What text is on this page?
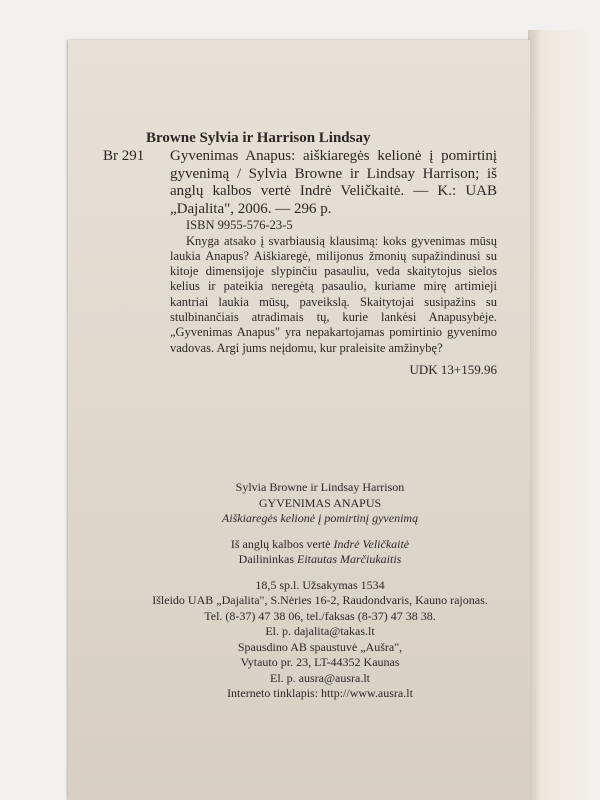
Browne Sylvia ir Harrison Lindsay
Br 291	Gyvenimas Anapus: aiškiaregės kelionė į pomirtinį gyvenimą / Sylvia Browne ir Lindsay Harrison; iš anglų kalbos vertė Indrė Veličkaitė. — K.: UAB „Dajalita", 2006. — 296 p.
ISBN 9955-576-23-5
Knyga atsako į svarbiausią klausimą: koks gyvenimas mūsų laukia Anapus? Aiškiaregė, milijonus žmonių supažindinusi su kitoje dimensijoje slypinčiu pasauliu, veda skaitytojus sielos kelius ir pateikia neregėtą pasaulio, kuriame mirę artimieji kantriai laukia mūsų, paveikslą. Skaitytojai susipažins su stulbinančiais atradimais tų, kurie lankėsi Anapusybėje. „Gyvenimas Anapus" yra nepakartojamas pomirtinio gyvenimo vadovas. Argi jums neįdomu, kur praleisite amžinybę?
UDK 13+159.96
Sylvia Browne ir Lindsay Harrison
GYVENIMAS ANAPUS
Aiškiaregės kelionė į pomirtinį gyvenimą
Iš anglų kalbos vertė Indrė Veličkaitė
Dailininkas Eitautas Marčiukaitis
18,5 sp.l. Užsakymas 1534
Išleido UAB „Dajalita", S.Nėries 16-2, Raudondvaris, Kauno rajonas.
Tel. (8-37) 47 38 06, tel./faksas (8-37) 47 38 38.
El. p. dajalita@takas.lt
Spausdino AB spaustuvė „Aušra",
Vytauto pr. 23, LT-44352 Kaunas
El. p. ausra@ausra.lt
Interneto tinklapis: http://www.ausra.lt
